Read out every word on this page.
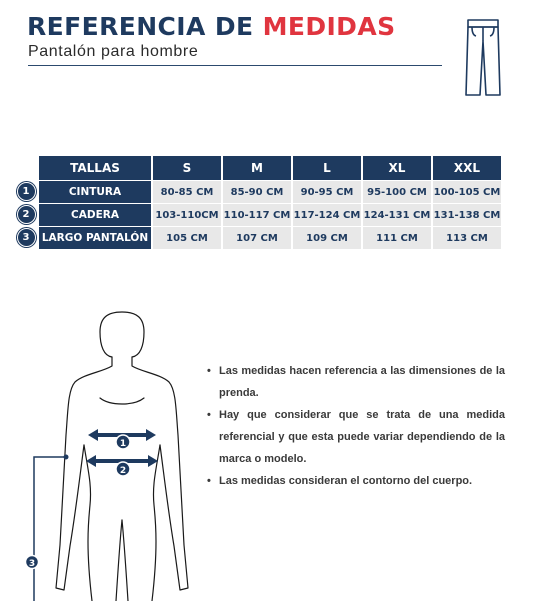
REFERENCIA DE MEDIDAS

Pantalón para hombre

	TALLAS	S	M	L	XL	XXL
1	CINTURA	80-85 CM	85-90 CM	90-95 CM	95-100 CM	100-105 CM
2	CADERA	103-110CM	110-117 CM	117-124 CM	124-131 CM	131-138 CM
3	LARGO PANTALÓN	105 CM	107 CM	109 CM	111 CM	113 CM
1
2
3
• Las medidas hacen referencia a las dimensiones de la prenda.
• Hay que considerar que se trata de una medida referencial y que esta puede variar dependiendo de la marca o modelo.
• Las medidas consideran el contorno del cuerpo.
